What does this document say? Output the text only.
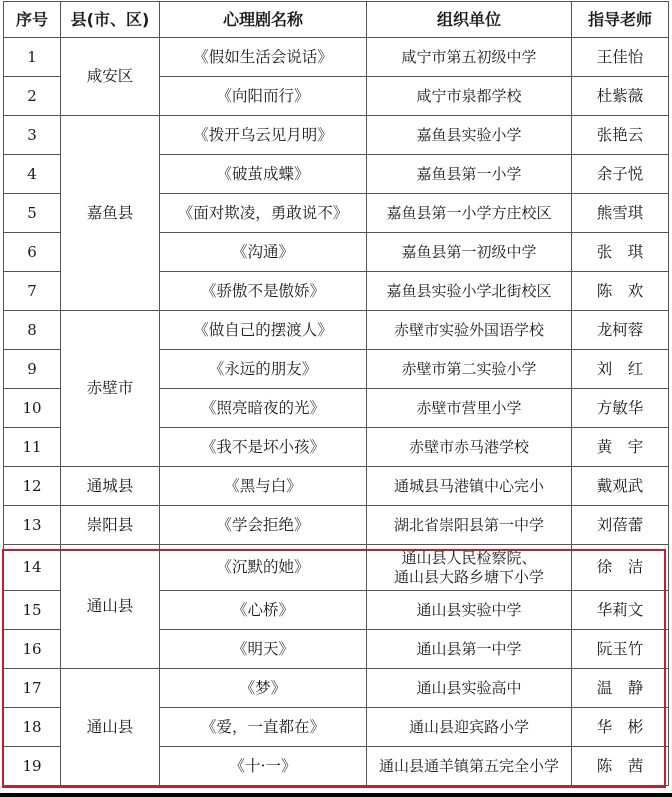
序号	县(市、区)	心理剧名称	组织单位	指导老师
1	咸安区	《假如生活会说话》	咸宁市第五初级中学	王佳怡
2		《向阳而行》	咸宁市泉都学校	杜紫薇
3	嘉鱼县	《拨开乌云见月明》	嘉鱼县实验小学	张艳云
4		《破茧成蝶》	嘉鱼县第一小学	余子悦
5		《面对欺凌，勇敢说不》	嘉鱼县第一小学方庄校区	熊雪琪
6		《沟通》	嘉鱼县第一初级中学	张　琪
7		《骄傲不是傲娇》	嘉鱼县实验小学北街校区	陈　欢
8	赤壁市	《做自己的摆渡人》	赤壁市实验外国语学校	龙柯蓉
9		《永远的朋友》	赤壁市第二实验小学	刘　红
10		《照亮暗夜的光》	赤壁市营里小学	方敏华
11		《我不是坏小孩》	赤壁市赤马港学校	黄　宇
12	通城县	《黑与白》	通城县马港镇中心完小	戴观武
13	崇阳县	《学会拒绝》	湖北省崇阳县第一中学	刘蓓蕾
14	通山县	《沉默的她》	通山县人民检察院、
通山县大路乡塘下小学	徐　洁
15		《心桥》	通山县实验中学	华莉文
16		《明天》	通山县第一中学	阮玉竹
17	通山县	《梦》	通山县实验高中	温　静
18		《爱，一直都在》	通山县迎宾路小学	华　彬
19		《十·一》	通山县通羊镇第五完全小学	陈　茜
